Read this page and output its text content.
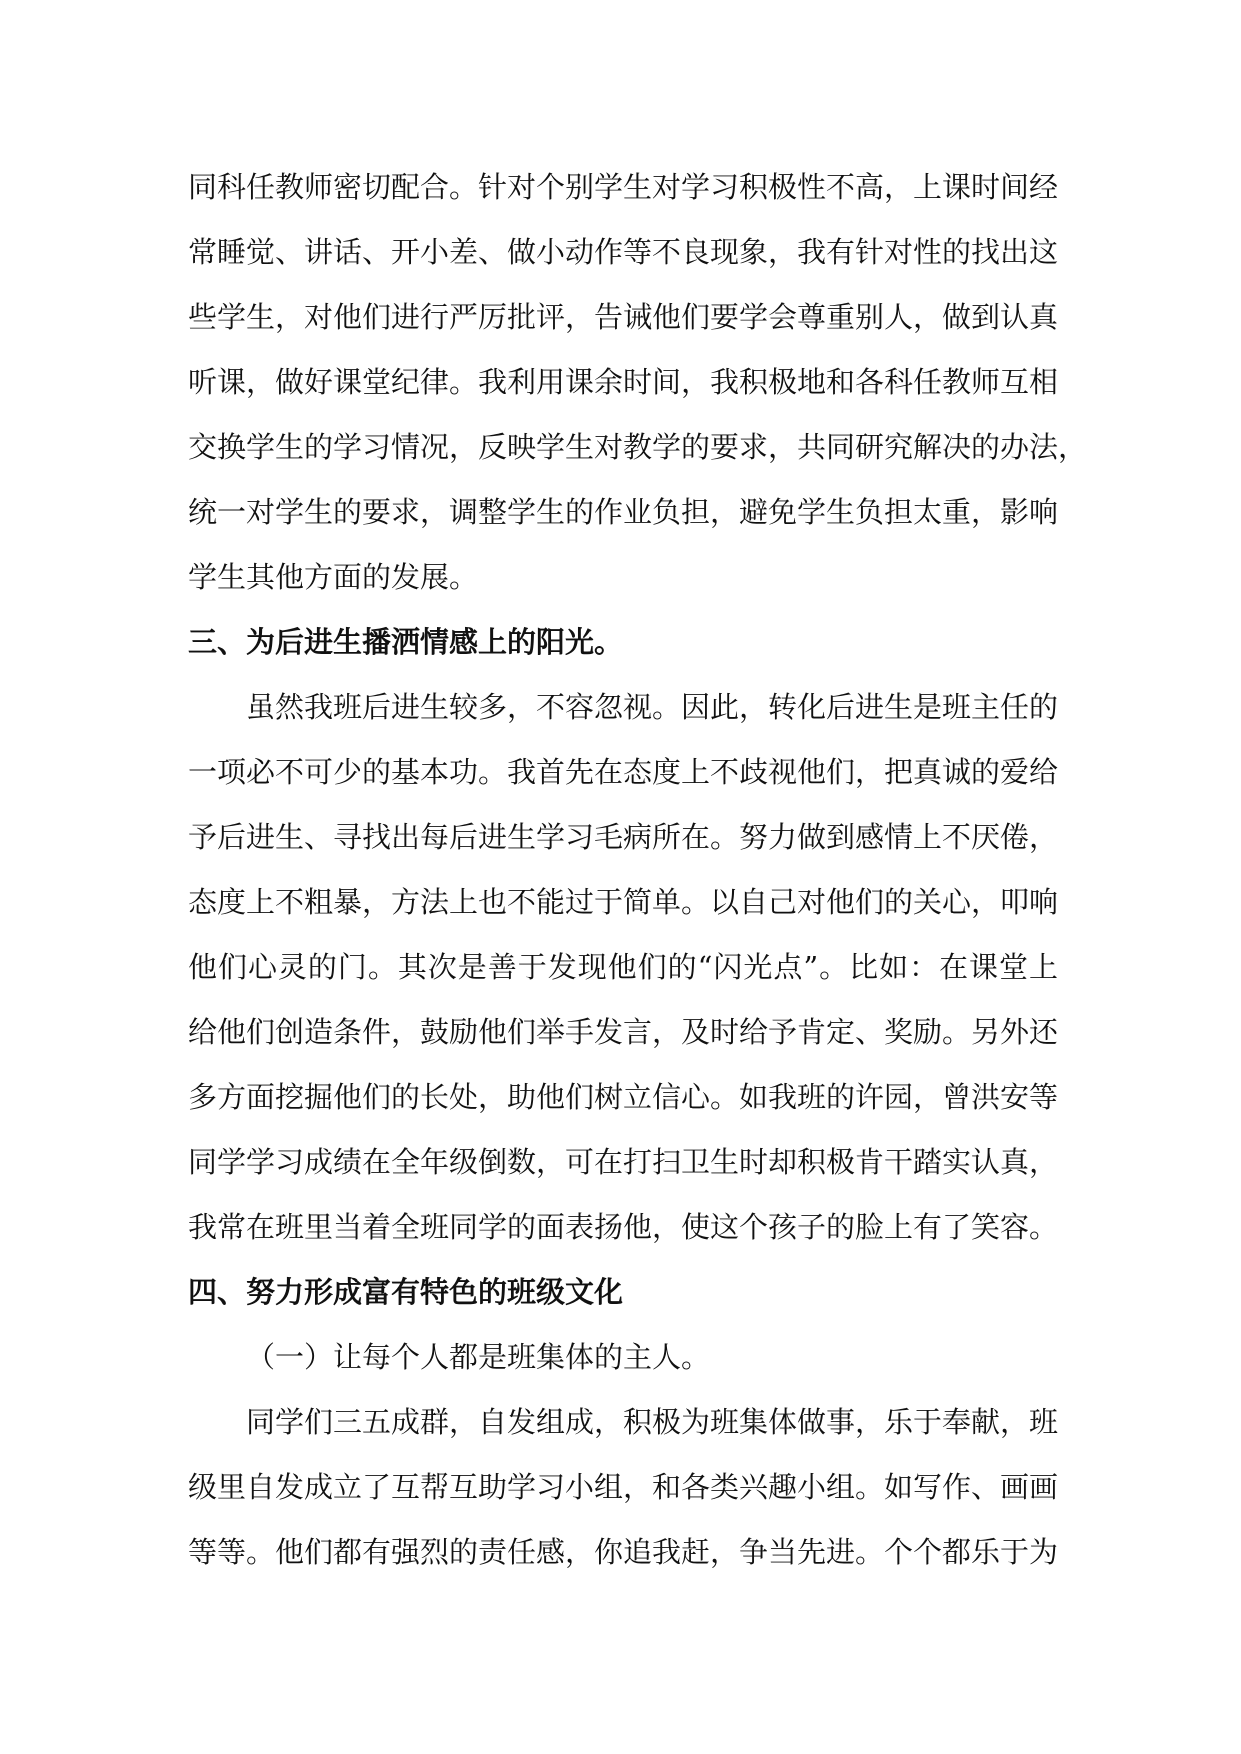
同科任教师密切配合。针对个别学生对学习积极性不高，上课时间经
常睡觉、讲话、开小差、做小动作等不良现象，我有针对性的找出这
些学生，对他们进行严厉批评，告诫他们要学会尊重别人，做到认真
听课，做好课堂纪律。我利用课余时间，我积极地和各科任教师互相
交换学生的学习情况，反映学生对教学的要求，共同研究解决的办法，
统一对学生的要求，调整学生的作业负担，避免学生负担太重，影响
学生其他方面的发展。
三、为后进生播洒情感上的阳光。
虽然我班后进生较多，不容忽视。因此，转化后进生是班主任的
一项必不可少的基本功。我首先在态度上不歧视他们，把真诚的爱给
予后进生、寻找出每后进生学习毛病所在。努力做到感情上不厌倦，
态度上不粗暴，方法上也不能过于简单。以自己对他们的关心，叩响
他们心灵的门。其次是善于发现他们的“闪光点”。比如：在课堂上
给他们创造条件，鼓励他们举手发言，及时给予肯定、奖励。另外还
多方面挖掘他们的长处，助他们树立信心。如我班的许园，曾洪安等
同学学习成绩在全年级倒数，可在打扫卫生时却积极肯干踏实认真，
我常在班里当着全班同学的面表扬他，使这个孩子的脸上有了笑容。
四、努力形成富有特色的班级文化
（一）让每个人都是班集体的主人。
同学们三五成群，自发组成，积极为班集体做事，乐于奉献，班
级里自发成立了互帮互助学习小组，和各类兴趣小组。如写作、画画
等等。他们都有强烈的责任感，你追我赶，争当先进。个个都乐于为
